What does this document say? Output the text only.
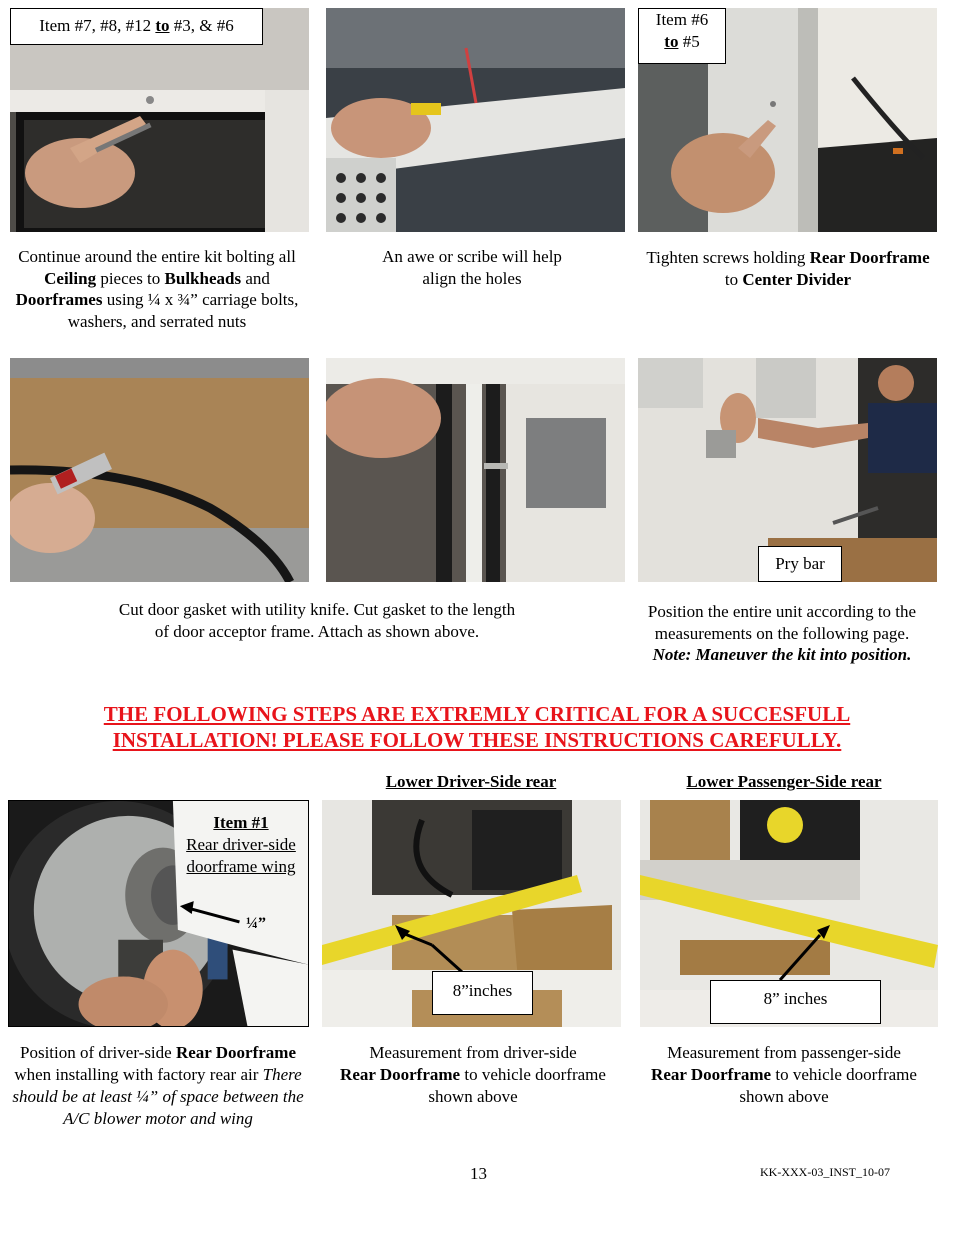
Item #7, #8, #12 to #3, & #6	Item #6
to #5
Continue around the entire kit bolting all Ceiling pieces to Bulkheads and
Doorframes using ¼ x ¾” carriage bolts, washers, and serrated nuts
An awe or scribe will help
align the holes
Tighten screws holding Rear Doorframe to Center Divider
Pry bar
Cut door gasket with utility knife. Cut gasket to the length
of door acceptor frame. Attach as shown above.
Position the entire unit according to the
measurements on the following page.
Note: Maneuver the kit into position.
THE FOLLOWING STEPS ARE EXTREMLY CRITICAL FOR A SUCCESFULL
INSTALLATION! PLEASE FOLLOW THESE INSTRUCTIONS CAREFULLY.
Lower Driver-Side rear	Lower Passenger-Side rear
Item #1
Rear driver-side
doorframe wing
¼”
8”inches	8” inches
Position of driver-side Rear Doorframe when installing with factory rear air There should be at least ¼” of space between the A/C blower motor and wing
Measurement from driver-side
Rear Doorframe to vehicle doorframe shown above
Measurement from passenger-side
Rear Doorframe to vehicle doorframe shown above
13	KK-XXX-03_INST_10-07
